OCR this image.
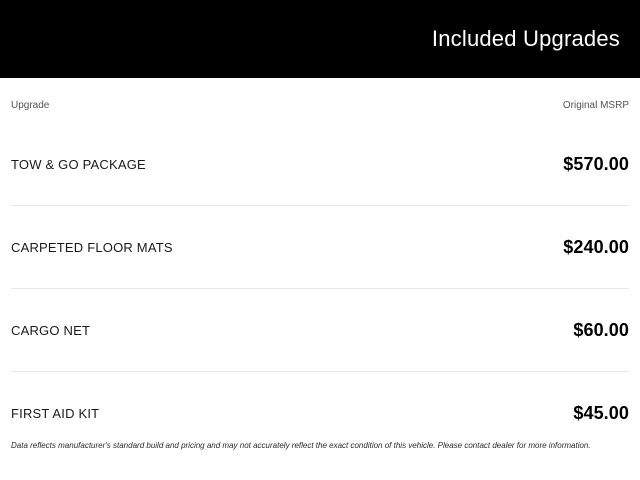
Included Upgrades
Upgrade	Original MSRP
TOW & GO PACKAGE	$570.00
CARPETED FLOOR MATS	$240.00
CARGO NET	$60.00
FIRST AID KIT	$45.00
Data reflects manufacturer's standard build and pricing and may not accurately reflect the exact condition of this vehicle. Please contact dealer for more information.
